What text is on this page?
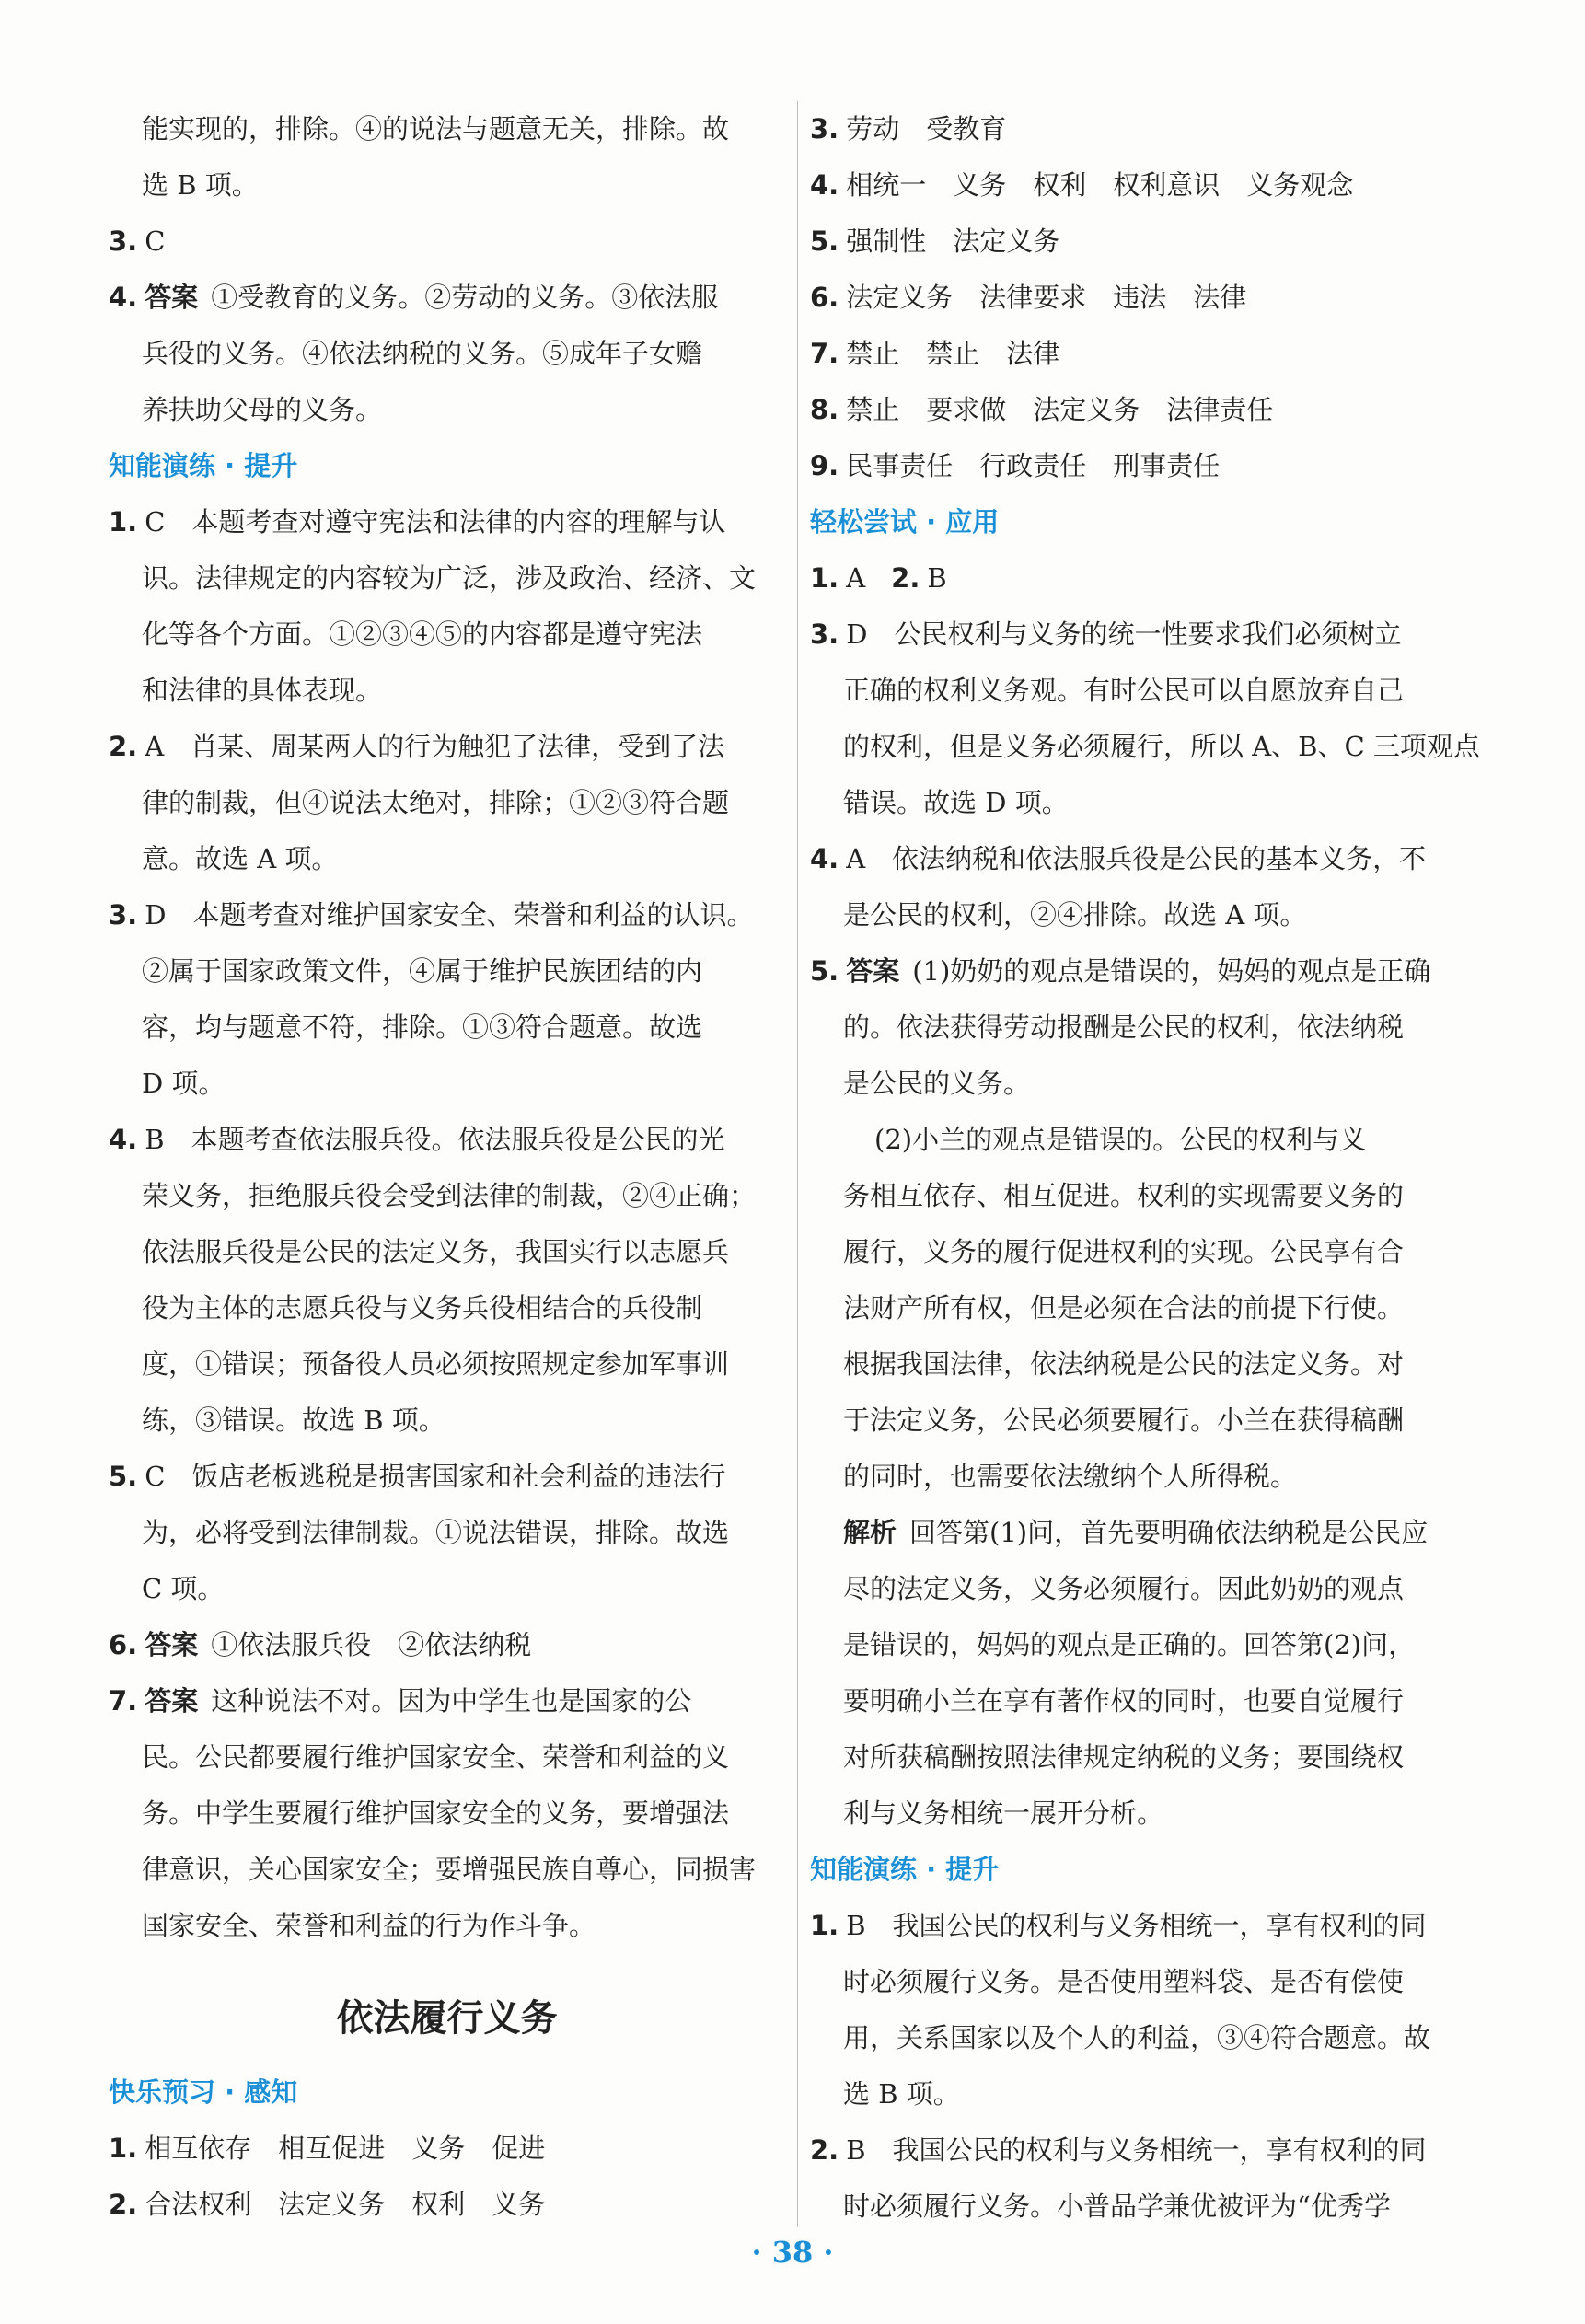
能实现的，排除。④的说法与题意无关，排除。故
选 B 项。
3. C
4. 答案 ①受教育的义务。②劳动的义务。③依法服
兵役的义务。④依法纳税的义务。⑤成年子女赡
养扶助父母的义务。
知能演练 · 提升
1. C　本题考查对遵守宪法和法律的内容的理解与认
识。法律规定的内容较为广泛，涉及政治、经济、文
化等各个方面。①②③④⑤的内容都是遵守宪法
和法律的具体表现。
2. A　肖某、周某两人的行为触犯了法律，受到了法
律的制裁，但④说法太绝对，排除；①②③符合题
意。故选 A 项。
3. D　本题考查对维护国家安全、荣誉和利益的认识。
②属于国家政策文件，④属于维护民族团结的内
容，均与题意不符，排除。①③符合题意。故选
D 项。
4. B　本题考查依法服兵役。依法服兵役是公民的光
荣义务，拒绝服兵役会受到法律的制裁，②④正确；
依法服兵役是公民的法定义务，我国实行以志愿兵
役为主体的志愿兵役与义务兵役相结合的兵役制
度，①错误；预备役人员必须按照规定参加军事训
练，③错误。故选 B 项。
5. C　饭店老板逃税是损害国家和社会利益的违法行
为，必将受到法律制裁。①说法错误，排除。故选
C 项。
6. 答案 ①依法服兵役　②依法纳税
7. 答案 这种说法不对。因为中学生也是国家的公
民。公民都要履行维护国家安全、荣誉和利益的义
务。中学生要履行维护国家安全的义务，要增强法
律意识，关心国家安全；要增强民族自尊心，同损害
国家安全、荣誉和利益的行为作斗争。
依法履行义务
快乐预习 · 感知
1. 相互依存　相互促进　义务　促进
2. 合法权利　法定义务　权利　义务
3. 劳动　受教育
4. 相统一　义务　权利　权利意识　义务观念
5. 强制性　法定义务
6. 法定义务　法律要求　违法　法律
7. 禁止　禁止　法律
8. 禁止　要求做　法定义务　法律责任
9. 民事责任　行政责任　刑事责任
轻松尝试 · 应用
1. A 2. B
3. D　公民权利与义务的统一性要求我们必须树立
正确的权利义务观。有时公民可以自愿放弃自己
的权利，但是义务必须履行，所以 A、B、C 三项观点
错误。故选 D 项。
4. A　依法纳税和依法服兵役是公民的基本义务，不
是公民的权利，②④排除。故选 A 项。
5. 答案 (1)奶奶的观点是错误的，妈妈的观点是正确
的。依法获得劳动报酬是公民的权利，依法纳税
是公民的义务。
(2)小兰的观点是错误的。公民的权利与义
务相互依存、相互促进。权利的实现需要义务的
履行，义务的履行促进权利的实现。公民享有合
法财产所有权，但是必须在合法的前提下行使。
根据我国法律，依法纳税是公民的法定义务。对
于法定义务，公民必须要履行。小兰在获得稿酬
的同时，也需要依法缴纳个人所得税。
解析 回答第(1)问，首先要明确依法纳税是公民应
尽的法定义务，义务必须履行。因此奶奶的观点
是错误的，妈妈的观点是正确的。回答第(2)问，
要明确小兰在享有著作权的同时，也要自觉履行
对所获稿酬按照法律规定纳税的义务；要围绕权
利与义务相统一展开分析。
知能演练 · 提升
1. B　我国公民的权利与义务相统一，享有权利的同
时必须履行义务。是否使用塑料袋、是否有偿使
用，关系国家以及个人的利益，③④符合题意。故
选 B 项。
2. B　我国公民的权利与义务相统一，享有权利的同
时必须履行义务。小普品学兼优被评为“优秀学
· 38 ·
